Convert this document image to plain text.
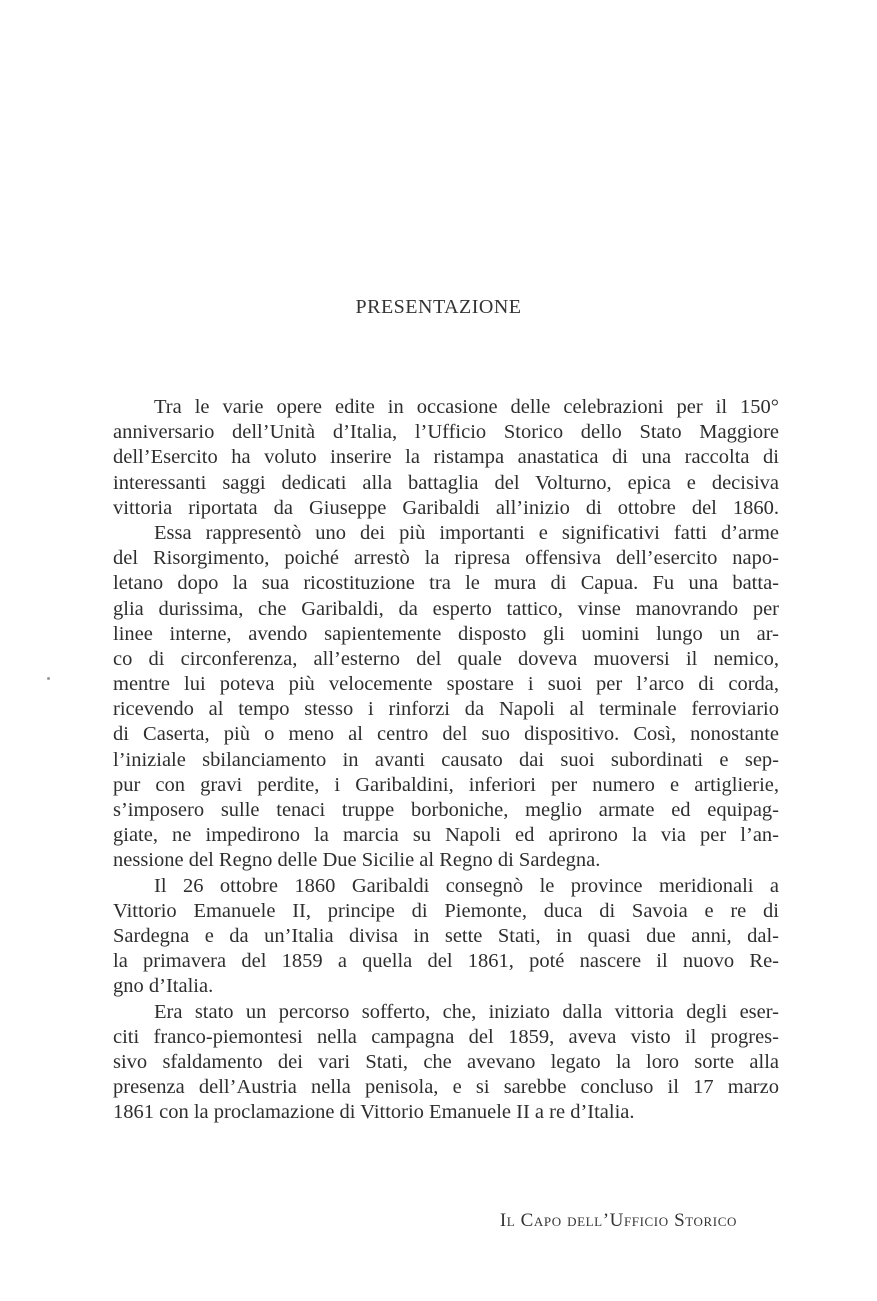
PRESENTAZIONE
Tra le varie opere edite in occasione delle celebrazioni per il 150°
anniversario dell’Unità d’Italia, l’Ufficio Storico dello Stato Maggiore
dell’Esercito ha voluto inserire la ristampa anastatica di una raccolta di
interessanti saggi dedicati alla battaglia del Volturno, epica e decisiva
vittoria riportata da Giuseppe Garibaldi all’inizio di ottobre del 1860.
Essa rappresentò uno dei più importanti e significativi fatti d’arme
del Risorgimento, poiché arrestò la ripresa offensiva dell’esercito napo-
letano dopo la sua ricostituzione tra le mura di Capua. Fu una batta-
glia durissima, che Garibaldi, da esperto tattico, vinse manovrando per
linee interne, avendo sapientemente disposto gli uomini lungo un ar-
co di circonferenza, all’esterno del quale doveva muoversi il nemico,
mentre lui poteva più velocemente spostare i suoi per l’arco di corda,
ricevendo al tempo stesso i rinforzi da Napoli al terminale ferroviario
di Caserta, più o meno al centro del suo dispositivo. Così, nonostante
l’iniziale sbilanciamento in avanti causato dai suoi subordinati e sep-
pur con gravi perdite, i Garibaldini, inferiori per numero e artiglierie,
s’imposero sulle tenaci truppe borboniche, meglio armate ed equipag-
giate, ne impedirono la marcia su Napoli ed aprirono la via per l’an-
nessione del Regno delle Due Sicilie al Regno di Sardegna.
Il 26 ottobre 1860 Garibaldi consegnò le province meridionali a
Vittorio Emanuele II, principe di Piemonte, duca di Savoia e re di
Sardegna e da un’Italia divisa in sette Stati, in quasi due anni, dal-
la primavera del 1859 a quella del 1861, poté nascere il nuovo Re-
gno d’Italia.
Era stato un percorso sofferto, che, iniziato dalla vittoria degli eser-
citi franco-piemontesi nella campagna del 1859, aveva visto il progres-
sivo sfaldamento dei vari Stati, che avevano legato la loro sorte alla
presenza dell’Austria nella penisola, e si sarebbe concluso il 17 marzo
1861 con la proclamazione di Vittorio Emanuele II a re d’Italia.
Il Capo dell’Ufficio Storico
